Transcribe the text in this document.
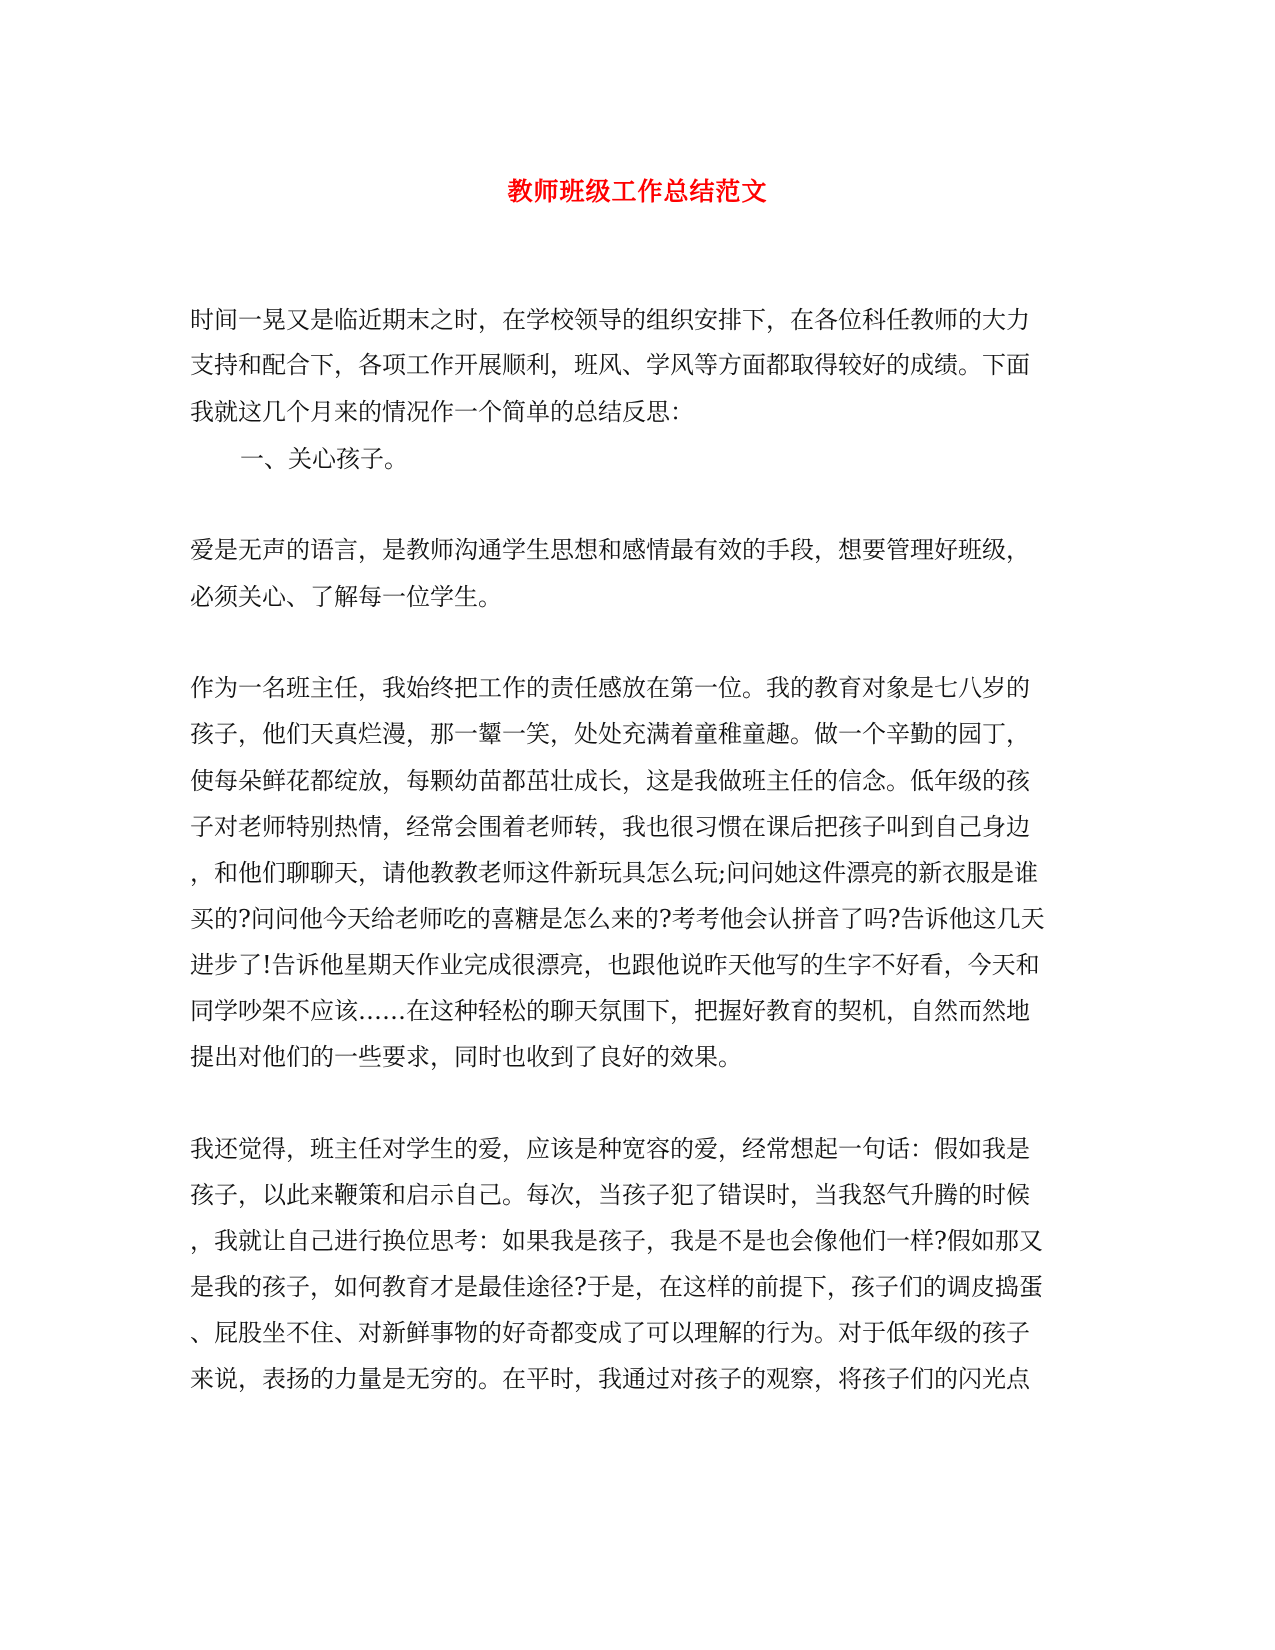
教师班级工作总结范文
时间一晃又是临近期末之时，在学校领导的组织安排下，在各位科任教师的大力
支持和配合下，各项工作开展顺利，班风、学风等方面都取得较好的成绩。下面
我就这几个月来的情况作一个简单的总结反思：
一、关心孩子。
爱是无声的语言，是教师沟通学生思想和感情最有效的手段，想要管理好班级，
必须关心、了解每一位学生。
作为一名班主任，我始终把工作的责任感放在第一位。我的教育对象是七八岁的
孩子，他们天真烂漫，那一颦一笑，处处充满着童稚童趣。做一个辛勤的园丁，
使每朵鲜花都绽放，每颗幼苗都茁壮成长，这是我做班主任的信念。低年级的孩
子对老师特别热情，经常会围着老师转，我也很习惯在课后把孩子叫到自己身边
，和他们聊聊天，请他教教老师这件新玩具怎么玩;问问她这件漂亮的新衣服是谁
买的?问问他今天给老师吃的喜糖是怎么来的?考考他会认拼音了吗?告诉他这几天
进步了!告诉他星期天作业完成很漂亮，也跟他说昨天他写的生字不好看，今天和
同学吵架不应该……在这种轻松的聊天氛围下，把握好教育的契机，自然而然地
提出对他们的一些要求，同时也收到了良好的效果。
我还觉得，班主任对学生的爱，应该是种宽容的爱，经常想起一句话：假如我是
孩子，以此来鞭策和启示自己。每次，当孩子犯了错误时，当我怒气升腾的时候
，我就让自己进行换位思考：如果我是孩子，我是不是也会像他们一样?假如那又
是我的孩子，如何教育才是最佳途径?于是，在这样的前提下，孩子们的调皮捣蛋
、屁股坐不住、对新鲜事物的好奇都变成了可以理解的行为。对于低年级的孩子
来说，表扬的力量是无穷的。在平时，我通过对孩子的观察，将孩子们的闪光点
